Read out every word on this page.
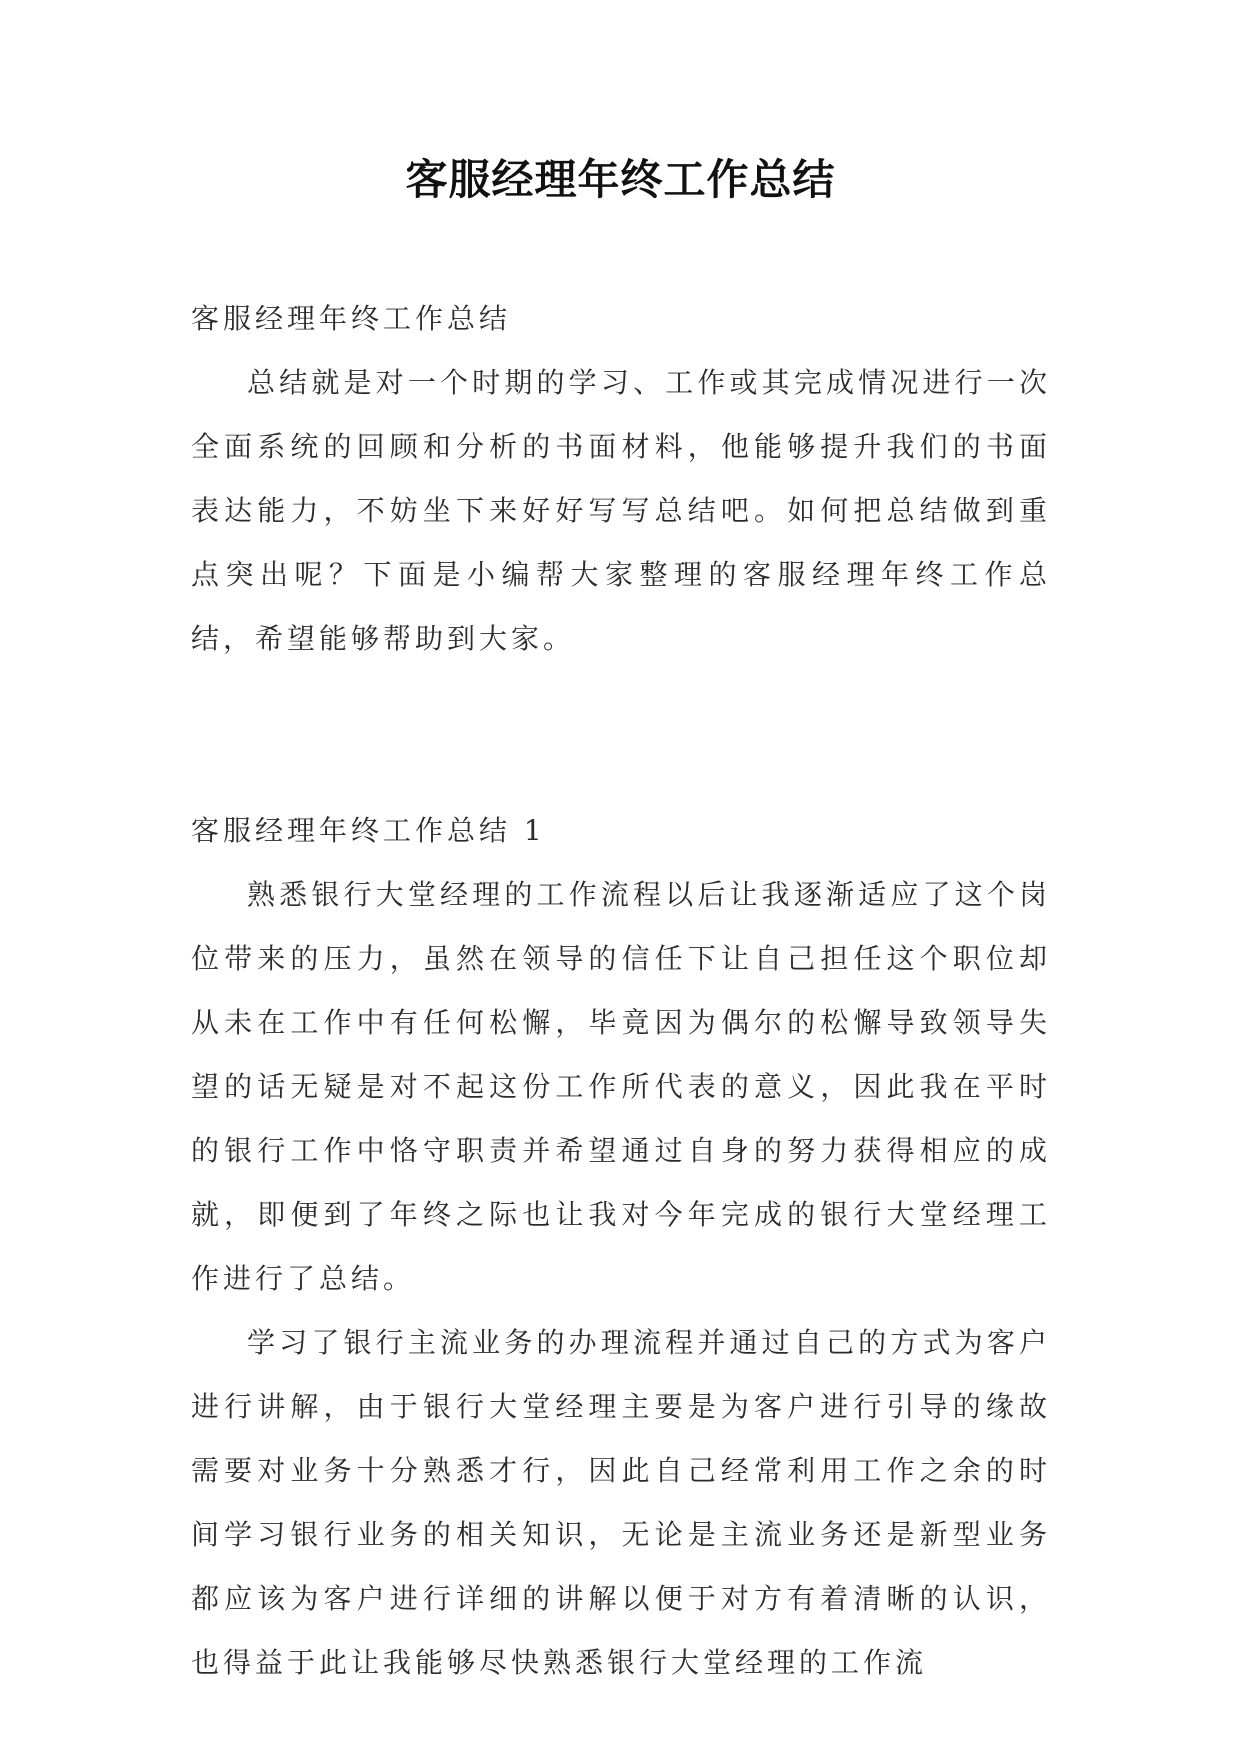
客服经理年终工作总结

客服经理年终工作总结

总结就是对一个时期的学习、工作或其完成情况进行一次全面系统的回顾和分析的书面材料，他能够提升我们的书面表达能力，不妨坐下来好好写写总结吧。如何把总结做到重点突出呢？下面是小编帮大家整理的客服经理年终工作总结，希望能够帮助到大家。

客服经理年终工作总结 1

熟悉银行大堂经理的工作流程以后让我逐渐适应了这个岗位带来的压力，虽然在领导的信任下让自己担任这个职位却从未在工作中有任何松懈，毕竟因为偶尔的松懈导致领导失望的话无疑是对不起这份工作所代表的意义，因此我在平时的银行工作中恪守职责并希望通过自身的努力获得相应的成就，即便到了年终之际也让我对今年完成的银行大堂经理工作进行了总结。

学习了银行主流业务的办理流程并通过自己的方式为客户进行讲解，由于银行大堂经理主要是为客户进行引导的缘故需要对业务十分熟悉才行，因此自己经常利用工作之余的时间学习银行业务的相关知识，无论是主流业务还是新型业务都应该为客户进行详细的讲解以便于对方有着清晰的认识，也得益于此让我能够尽快熟悉银行大堂经理的工作流
